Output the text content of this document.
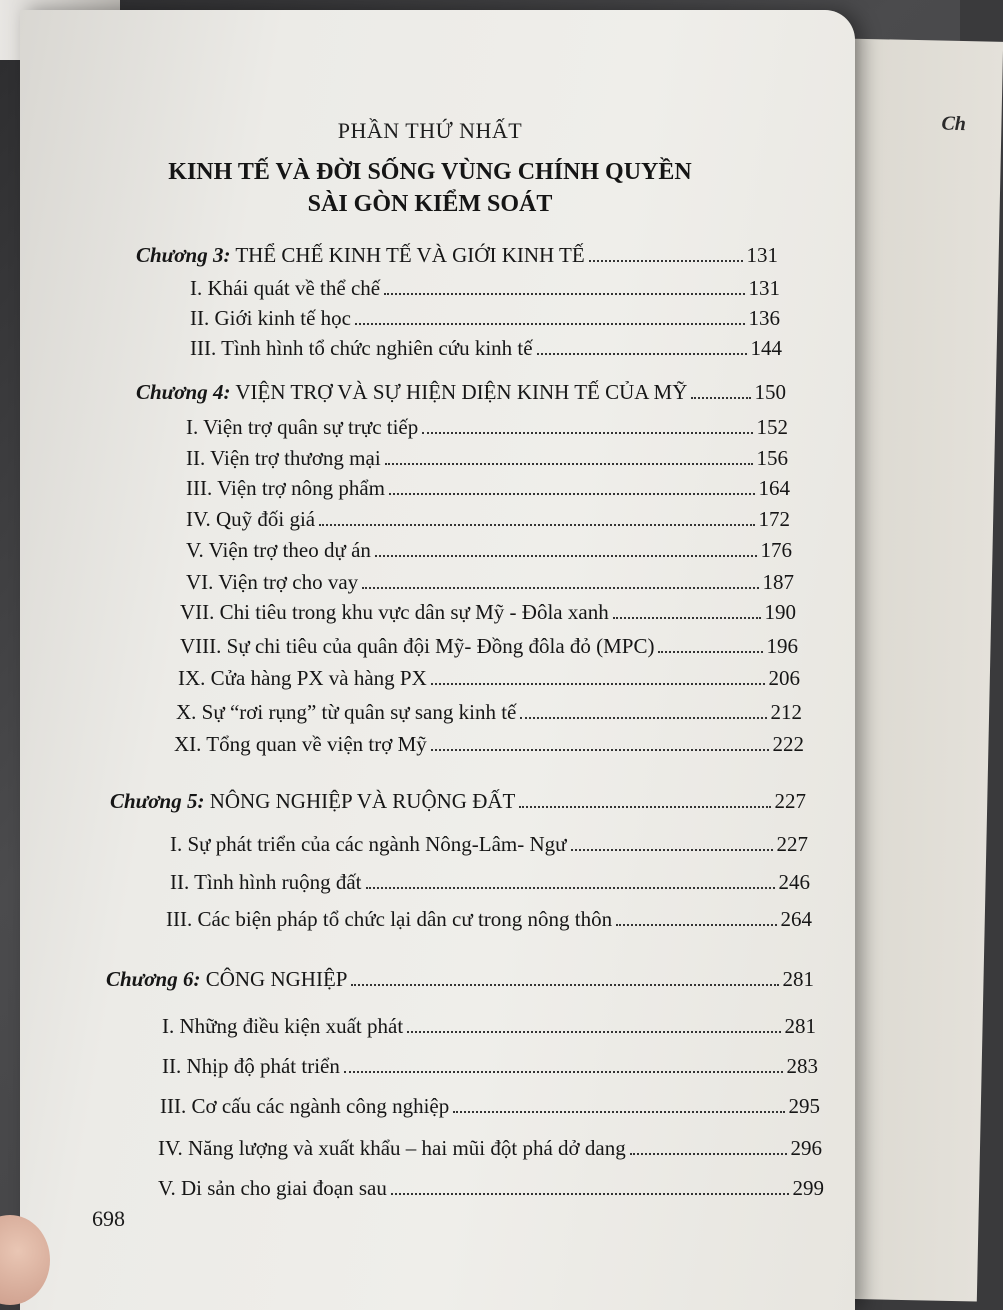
Ch
PHẦN THỨ NHẤT
KINH TẾ VÀ ĐỜI SỐNG VÙNG CHÍNH QUYỀN
SÀI GÒN KIỂM SOÁT
Chương 3: THỂ CHẾ KINH TẾ VÀ GIỚI KINH TẾ	131
I. Khái quát về thể chế	131
II. Giới kinh tế học	136
III. Tình hình tổ chức nghiên cứu kinh tế	144
Chương 4: VIỆN TRỢ VÀ SỰ HIỆN DIỆN KINH TẾ CỦA MỸ	150
I. Viện trợ quân sự trực tiếp	152
II. Viện trợ thương mại	156
III. Viện trợ nông phẩm	164
IV. Quỹ đối giá	172
V. Viện trợ theo dự án	176
VI. Viện trợ cho vay	187
VII. Chi tiêu trong khu vực dân sự Mỹ - Đôla xanh	190
VIII. Sự chi tiêu của quân đội Mỹ- Đồng đôla đỏ (MPC)	196
IX. Cửa hàng PX và hàng PX	206
X. Sự “rơi rụng” từ quân sự sang kinh tế	212
XI. Tổng quan về viện trợ Mỹ	222
Chương 5: NÔNG NGHIỆP VÀ RUỘNG ĐẤT	227
I. Sự phát triển của các ngành Nông-Lâm- Ngư	227
II. Tình hình ruộng đất	246
III. Các biện pháp tổ chức lại dân cư trong nông thôn	264
Chương 6: CÔNG NGHIỆP	281
I. Những điều kiện xuất phát	281
II. Nhịp độ phát triển	283
III. Cơ cấu các ngành công nghiệp	295
IV. Năng lượng và xuất khẩu – hai mũi đột phá dở dang	296
V. Di sản cho giai đoạn sau	299
698
